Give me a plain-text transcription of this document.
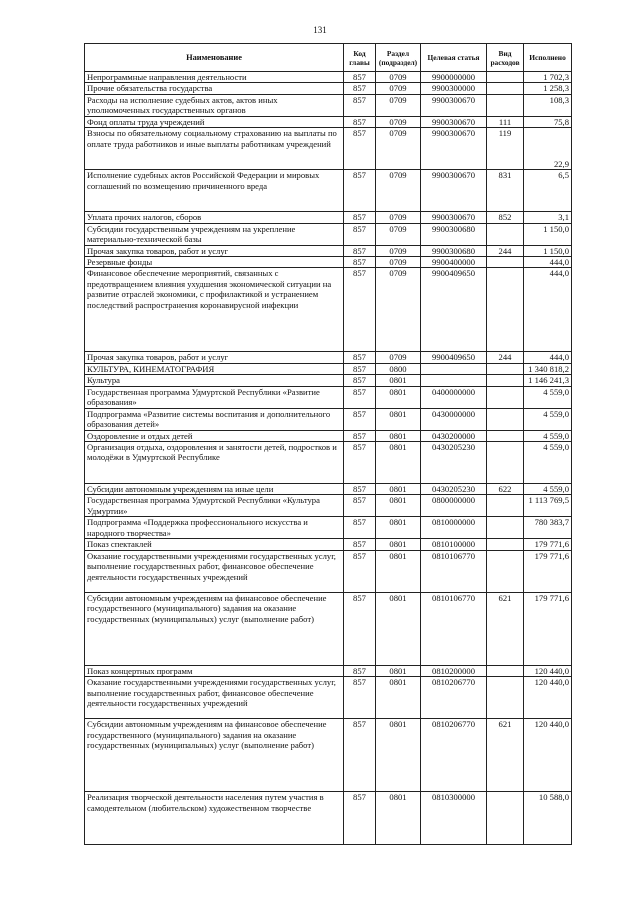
131
Наименование	Код главы	Раздел (подраздел)	Целевая статья	Вид расходов	Исполнено
Непрограммные направления деятельности	857	0709	9900000000		1 702,3
Прочие обязательства государства	857	0709	9900300000		1 258,3
Расходы на исполнение судебных актов, актов иных уполномоченных государственных органов	857	0709	9900300670		108,3
Фонд оплаты труда учреждений	857	0709	9900300670	111	75,8
Взносы по обязательному социальному страхованию на выплаты по оплате труда работников и иные выплаты работникам учреждений	857	0709	9900300670	119	22,9
Исполнение судебных актов Российской Федерации и мировых соглашений по возмещению причиненного вреда	857	0709	9900300670	831	6,5
Уплата прочих налогов, сборов	857	0709	9900300670	852	3,1
Субсидии государственным учреждениям на укрепление материально-технической базы	857	0709	9900300680		1 150,0
Прочая закупка товаров, работ и услуг	857	0709	9900300680	244	1 150,0
Резервные фонды	857	0709	9900400000		444,0
Финансовое обеспечение мероприятий, связанных с предотвращением влияния ухудшения экономической ситуации на развитие отраслей экономики, с профилактикой и устранением последствий распространения коронавирусной инфекции	857	0709	9900409650		444,0
Прочая закупка товаров, работ и услуг	857	0709	9900409650	244	444,0
КУЛЬТУРА, КИНЕМАТОГРАФИЯ	857	0800			1 340 818,2
Культура	857	0801			1 146 241,3
Государственная программа Удмуртской Республики «Развитие образования»	857	0801	0400000000		4 559,0
Подпрограмма «Развитие системы воспитания и дополнительного образования детей»	857	0801	0430000000		4 559,0
Оздоровление и отдых детей	857	0801	0430200000		4 559,0
Организация отдыха, оздоровления и занятости детей, подростков и молодёжи в Удмуртской Республике	857	0801	0430205230		4 559,0
Субсидии автономным учреждениям на иные цели	857	0801	0430205230	622	4 559,0
Государственная программа Удмуртской Республики «Культура Удмуртии»	857	0801	0800000000		1 113 769,5
Подпрограмма «Поддержка профессионального искусства и народного творчества»	857	0801	0810000000		780 383,7
Показ спектаклей	857	0801	0810100000		179 771,6
Оказание государственными учреждениями государственных услуг, выполнение государственных работ, финансовое обеспечение деятельности государственных учреждений	857	0801	0810106770		179 771,6
Субсидии автономным учреждениям на финансовое обеспечение государственного (муниципального) задания на оказание государственных (муниципальных) услуг (выполнение работ)	857	0801	0810106770	621	179 771,6
Показ концертных программ	857	0801	0810200000		120 440,0
Оказание государственными учреждениями государственных услуг, выполнение государственных работ, финансовое обеспечение деятельности государственных учреждений	857	0801	0810206770		120 440,0
Субсидии автономным учреждениям на финансовое обеспечение государственного (муниципального) задания на оказание государственных (муниципальных) услуг (выполнение работ)	857	0801	0810206770	621	120 440,0
Реализация творческой деятельности населения путем участия в самодеятельном (любительском) художественном творчестве	857	0801	0810300000		10 588,0
